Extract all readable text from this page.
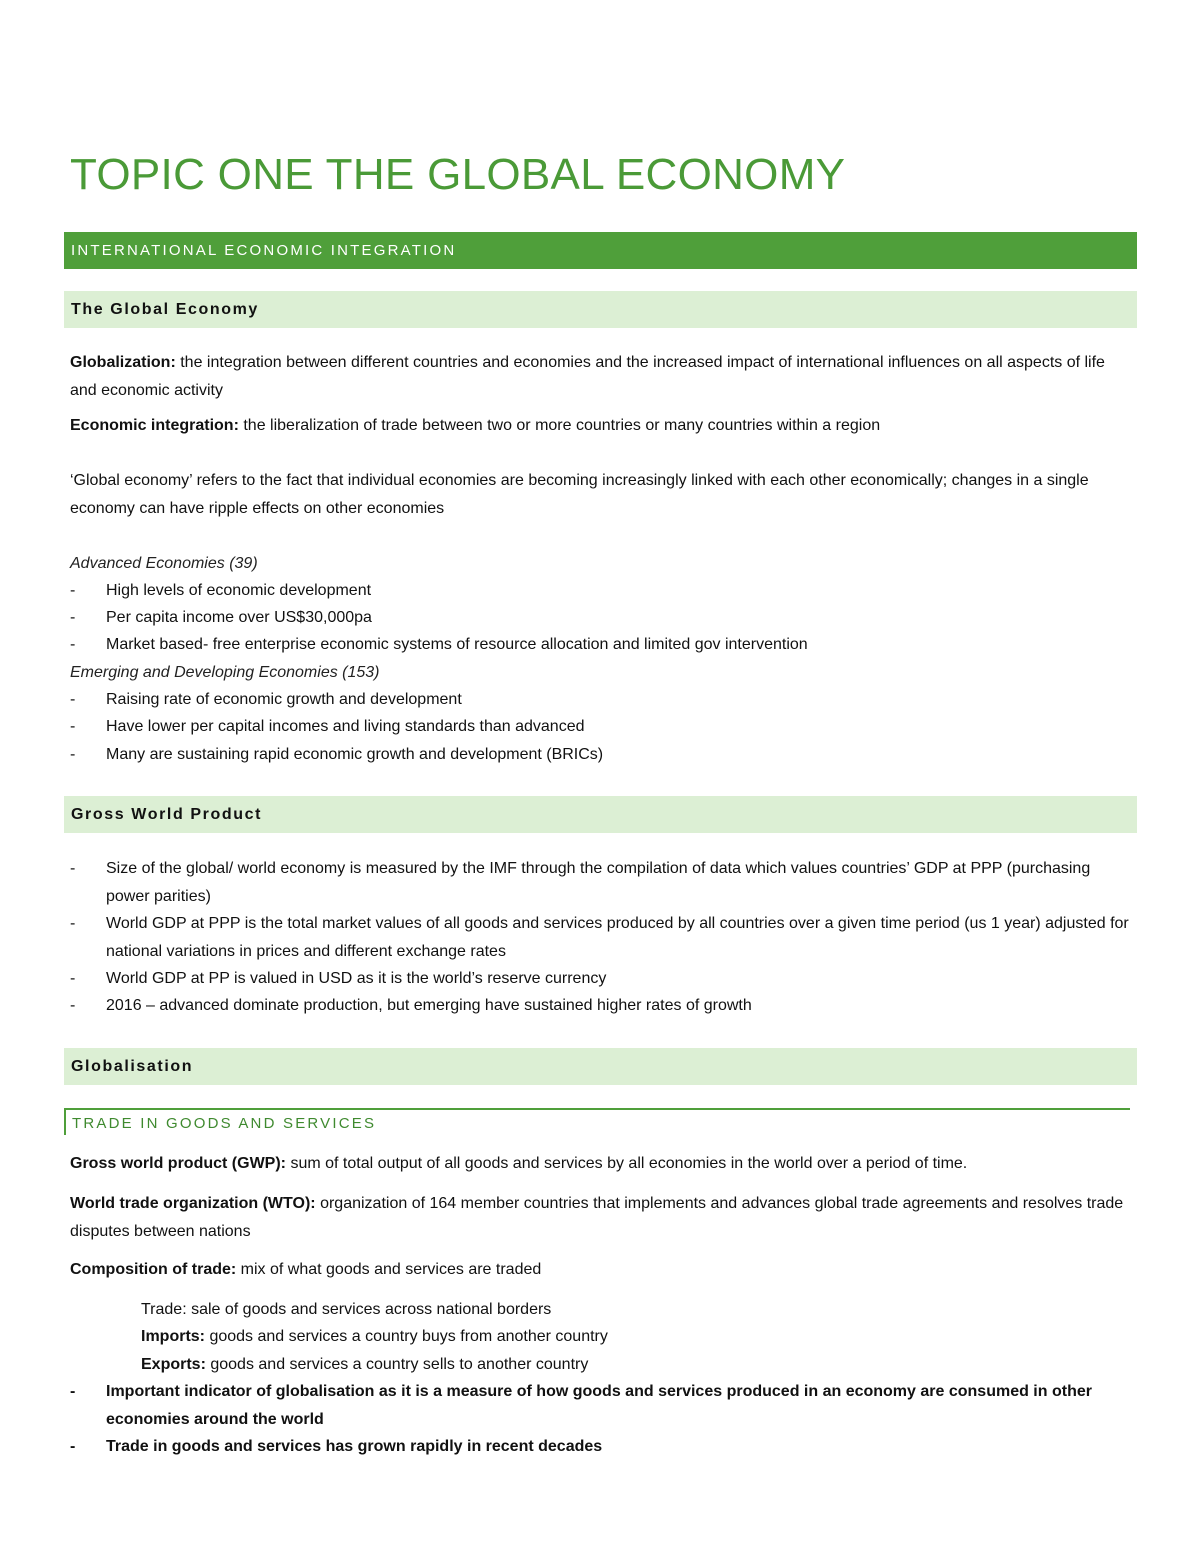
TOPIC ONE THE GLOBAL ECONOMY
INTERNATIONAL ECONOMIC INTEGRATION
The Global Economy
Globalization: the integration between different countries and economies and the increased impact of international influences on all aspects of life and economic activity
Economic integration: the liberalization of trade between two or more countries or many countries within a region
‘Global economy’ refers to the fact that individual economies are becoming increasingly linked with each other economically; changes in a single economy can have ripple effects on other economies
Advanced Economies (39)
-	High levels of economic development
-	Per capita income over US$30,000pa
-	Market based- free enterprise economic systems of resource allocation and limited gov intervention
Emerging and Developing Economies (153)
-	Raising rate of economic growth and development
-	Have lower per capital incomes and living standards than advanced
-	Many are sustaining rapid economic growth and development (BRICs)
Gross World Product
-	Size of the global/ world economy is measured by the IMF through the compilation of data which values countries’ GDP at PPP (purchasing power parities)
-	World GDP at PPP is the total market values of all goods and services produced by all countries over a given time period (us 1 year) adjusted for national variations in prices and different exchange rates
-	World GDP at PP is valued in USD as it is the world’s reserve currency
-	2016 – advanced dominate production, but emerging have sustained higher rates of growth
Globalisation
TRADE IN GOODS AND SERVICES
Gross world product (GWP): sum of total output of all goods and services by all economies in the world over a period of time.
World trade organization (WTO): organization of 164 member countries that implements and advances global trade agreements and resolves trade disputes between nations
Composition of trade: mix of what goods and services are traded
Trade: sale of goods and services across national borders
Imports: goods and services a country buys from another country
Exports: goods and services a country sells to another country
-	Important indicator of globalisation as it is a measure of how goods and services produced in an economy are consumed in other economies around the world
-	Trade in goods and services has grown rapidly in recent decades
